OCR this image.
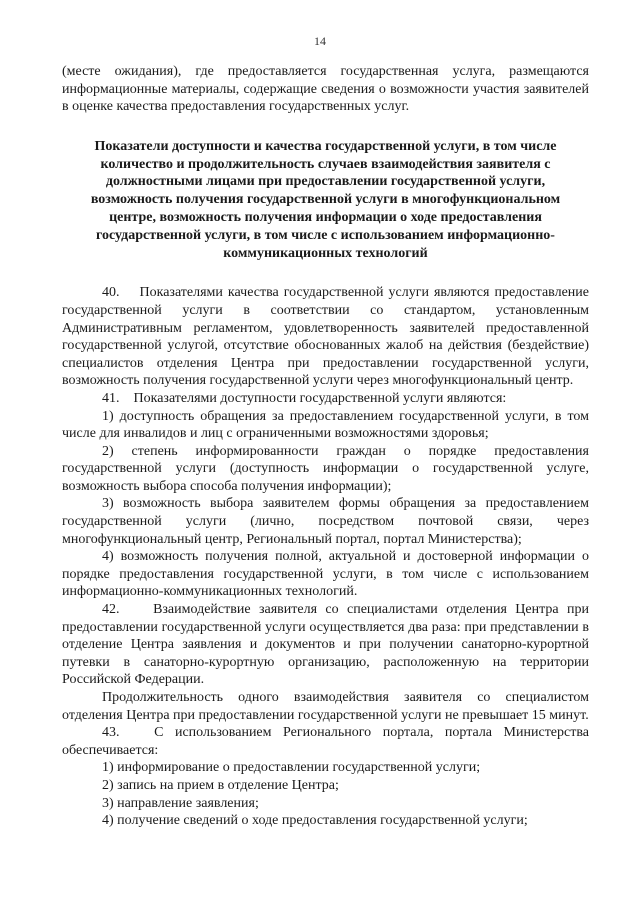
14

(месте ожидания), где предоставляется государственная услуга, размещаются информационные материалы, содержащие сведения о возможности участия заявителей в оценке качества предоставления государственных услуг.

Показатели доступности и качества государственной услуги, в том числе количество и продолжительность случаев взаимодействия заявителя с должностными лицами при предоставлении государственной услуги, возможность получения государственной услуги в многофункциональном центре, возможность получения информации о ходе предоставления государственной услуги, в том числе с использованием информационно-коммуникационных технологий

40.    Показателями качества государственной услуги являются предоставление государственной услуги в соответствии со стандартом, установленным Административным регламентом, удовлетворенность заявителей предоставленной государственной услугой, отсутствие обоснованных жалоб на действия (бездействие) специалистов отделения Центра при предоставлении государственной услуги, возможность получения государственной услуги через многофункциональный центр.

41.    Показателями доступности государственной услуги являются:

1) доступность обращения за предоставлением государственной услуги, в том числе для инвалидов и лиц с ограниченными возможностями здоровья;

2) степень информированности граждан о порядке предоставления государственной услуги (доступность информации о государственной услуге, возможность выбора способа получения информации);

3) возможность выбора заявителем формы обращения за предоставлением государственной услуги (лично, посредством почтовой связи, через многофункциональный центр, Региональный портал, портал Министерства);

4) возможность получения полной, актуальной и достоверной информации о порядке предоставления государственной услуги, в том числе с использованием информационно-коммуникационных технологий.

42.    Взаимодействие заявителя со специалистами отделения Центра при предоставлении государственной услуги осуществляется два раза: при представлении в отделение Центра заявления и документов и при получении санаторно-курортной путевки в санаторно-курортную организацию, расположенную на территории Российской Федерации.

Продолжительность одного взаимодействия заявителя со специалистом отделения Центра при предоставлении государственной услуги не превышает 15 минут.

43.   С использованием Регионального портала, портала Министерства обеспечивается:

1) информирование о предоставлении государственной услуги;

2) запись на прием в отделение Центра;

3) направление заявления;

4) получение сведений о ходе предоставления государственной услуги;
